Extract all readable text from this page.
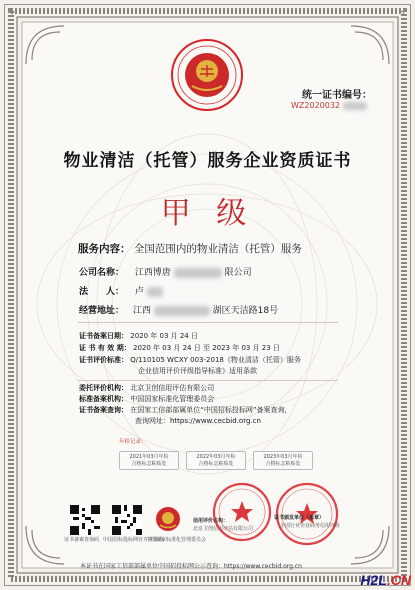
统一证书编号：
WZ2020032
物业清洁（托管）服务企业资质证书
甲 级
服务内容： 全国范围内的物业清洁（托管）服务
公司名称： 江西博唐	限公司
法　　人： 卢
经营地址： 江西	湖区天洁路18号
证书备案日期： 2020 年 03 月 24 日
证 书 有 效 期： 2020 年 03 月 24 日 至 2023 年 03 月 23 日
证书评价标准： Q/110105 WCXY 003-2018《物业清洁（托管）服务
企业信用评价评级指导标准》适用条款
委托评价机构： 北京卫创信用评估有限公司
标准备案机构： 中国国家标准化管理委员会
证书备案查询： 在国家工信部部属单位“中国招标投标网”备案查询，
查询网址：https://www.cecbid.org.cn
年检记录：
2021年03月年检
合格标志粘贴处
2022年03月年检
合格标志粘贴处
2023年03月年检
合格标志粘贴处
证书备案查询码 中国招标投标网官方查询码
中国国家标准化管理委员会
信用评价机构：
北京卫创信用评估有限公司
证书颁发单位（盖章）
全国行业企业商务信用评价
本证书在国家工信部部属单位中国招投标网公示查询：https://www.cecbid.org.cn
H2L.CN
